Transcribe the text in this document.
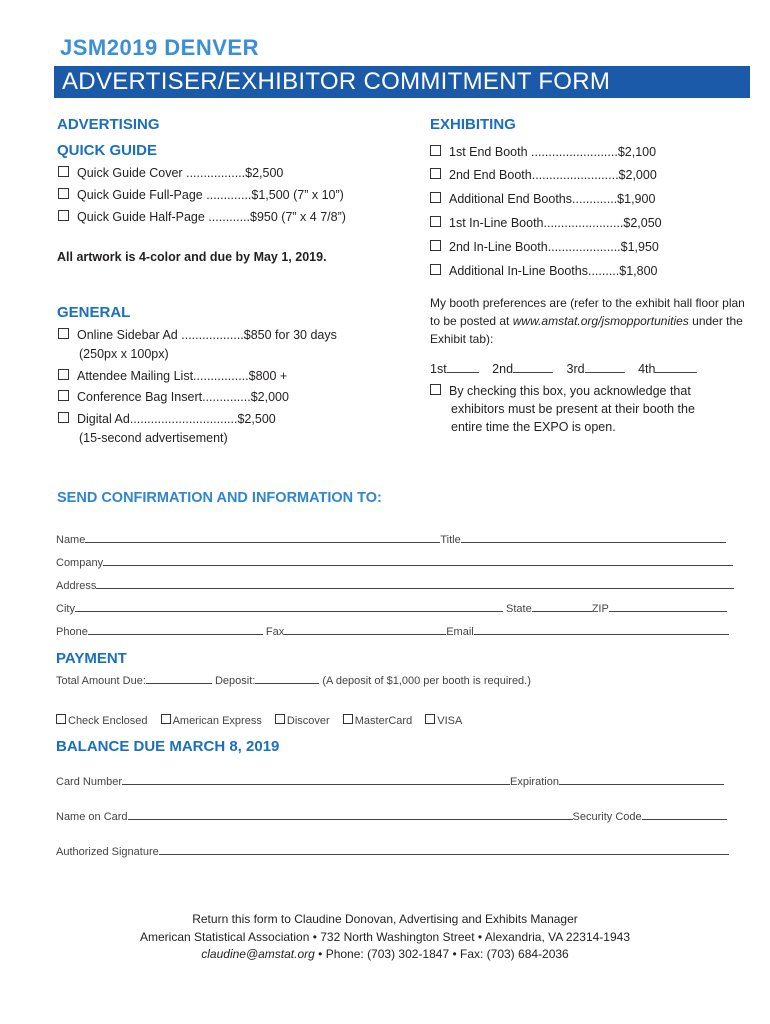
JSM2019 DENVER
ADVERTISER/EXHIBITOR COMMITMENT FORM
ADVERTISING
QUICK GUIDE
Quick Guide Cover .................$2,500
Quick Guide Full-Page .............$1,500 (7” x 10”)
Quick Guide Half-Page ............$950 (7” x 4 7/8”)
All artwork is 4-color and due by May 1, 2019.
GENERAL
Online Sidebar Ad ..................$850 for 30 days
(250px x 100px)
Attendee Mailing List................$800 +
Conference Bag Insert..............$2,000
Digital Ad...............................$2,500
(15-second advertisement)
EXHIBITING
1st End Booth .........................$2,100
2nd End Booth.........................$2,000
Additional End Booths.............$1,900
1st In-Line Booth.......................$2,050
2nd In-Line Booth.....................$1,950
Additional In-Line Booths.........$1,800
My booth preferences are (refer to the exhibit hall floor plan
to be posted at www.amstat.org/jsmopportunities under the
Exhibit tab):
1st	2nd	3rd	4th
By checking this box, you acknowledge that
exhibitors must be present at their booth the
entire time the EXPO is open.
SEND CONFIRMATION AND INFORMATION TO:
Name	Title
Company
Address
City	State	ZIP
Phone	Fax	Email
PAYMENT
Total Amount Due:	Deposit:	(A deposit of $1,000 per booth is required.)
Check Enclosed American Express Discover MasterCard VISA
BALANCE DUE MARCH 8, 2019
Card Number	Expiration
Name on Card	Security Code
Authorized Signature
Return this form to Claudine Donovan, Advertising and Exhibits Manager
American Statistical Association • 732 North Washington Street • Alexandria, VA 22314-1943
claudine@amstat.org • Phone: (703) 302-1847 • Fax: (703) 684-2036
